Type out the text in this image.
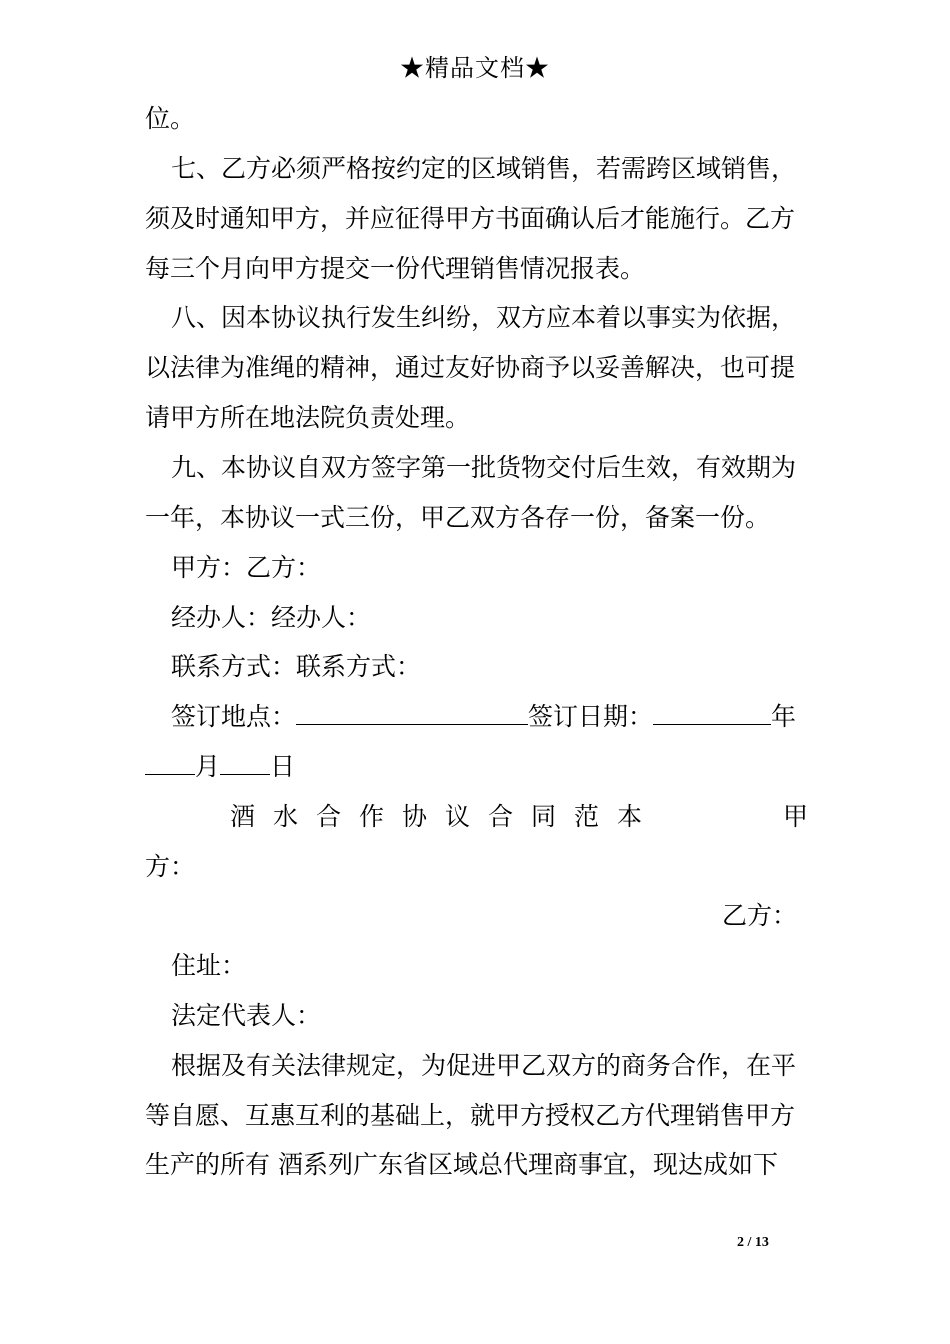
★精品文档★
位。
七、乙方必须严格按约定的区域销售，若需跨区域销售，
须及时通知甲方，并应征得甲方书面确认后才能施行。乙方
每三个月向甲方提交一份代理销售情况报表。
八、因本协议执行发生纠纷，双方应本着以事实为依据，
以法律为准绳的精神，通过友好协商予以妥善解决，也可提
请甲方所在地法院负责处理。
九、本协议自双方签字第一批货物交付后生效，有效期为
一年，本协议一式三份，甲乙双方各存一份，备案一份。
甲方：乙方：
经办人：经办人：
联系方式：联系方式：
签订地点：	签订日期：	年
月 日
酒水合作协议合同范本	甲
方：
乙方：
住址：
法定代表人：
根据及有关法律规定，为促进甲乙双方的商务合作，在平
等自愿、互惠互利的基础上，就甲方授权乙方代理销售甲方
生产的所有 酒系列广东省区域总代理商事宜，现达成如下
2 / 13
